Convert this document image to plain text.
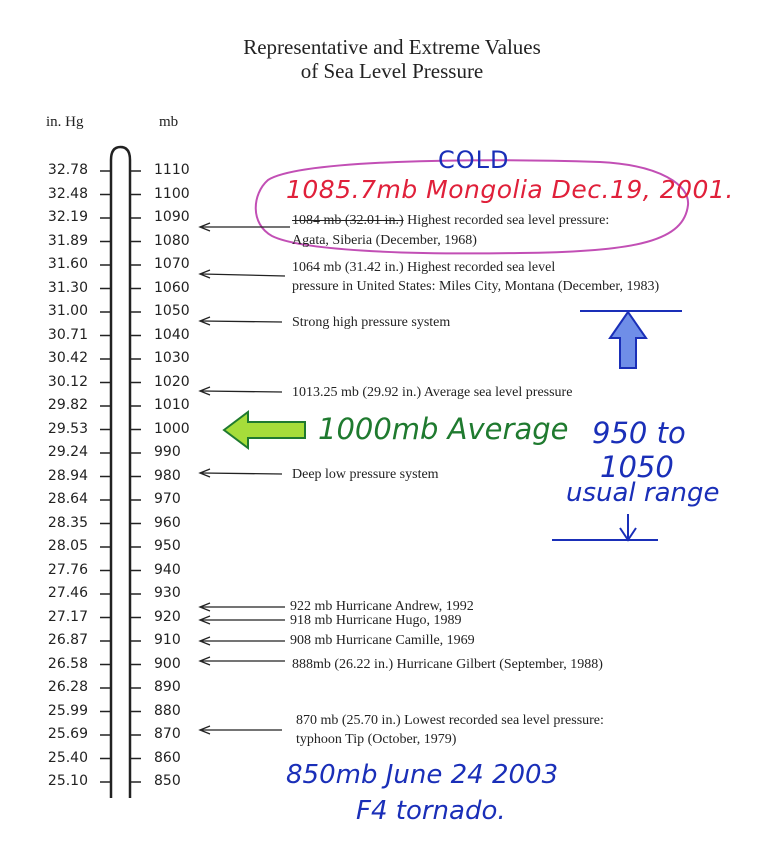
Representative and Extreme Values
of Sea Level Pressure
in. Hg	mb
32.78	1110
32.48	1100
32.19	1090
31.89	1080
31.60	1070
31.30	1060
31.00	1050
30.71	1040
30.42	1030
30.12	1020
29.82	1010
29.53	1000
29.24	990
28.94	980
28.64	970
28.35	960
28.05	950
27.76	940
27.46	930
27.17	920
26.87	910
26.58	900
26.28	890
25.99	880
25.69	870
25.40	860
25.10	850
1084 mb (32.01 in.) Highest recorded sea level pressure:
Agata, Siberia (December, 1968)
1064 mb (31.42 in.) Highest recorded sea level
pressure in United States: Miles City, Montana (December, 1983)
Strong high pressure system
1013.25 mb (29.92 in.) Average sea level pressure
Deep low pressure system
922 mb Hurricane Andrew, 1992
918 mb Hurricane Hugo, 1989
908 mb Hurricane Camille, 1969
888mb (26.22 in.) Hurricane Gilbert (September, 1988)
870 mb (25.70 in.) Lowest recorded sea level pressure:
typhoon Tip (October, 1979)
COLD
1085.7mb Mongolia Dec.19, 2001.
1000mb Average 950 to
1050
usual range
850mb June 24 2003
F4 tornado.
